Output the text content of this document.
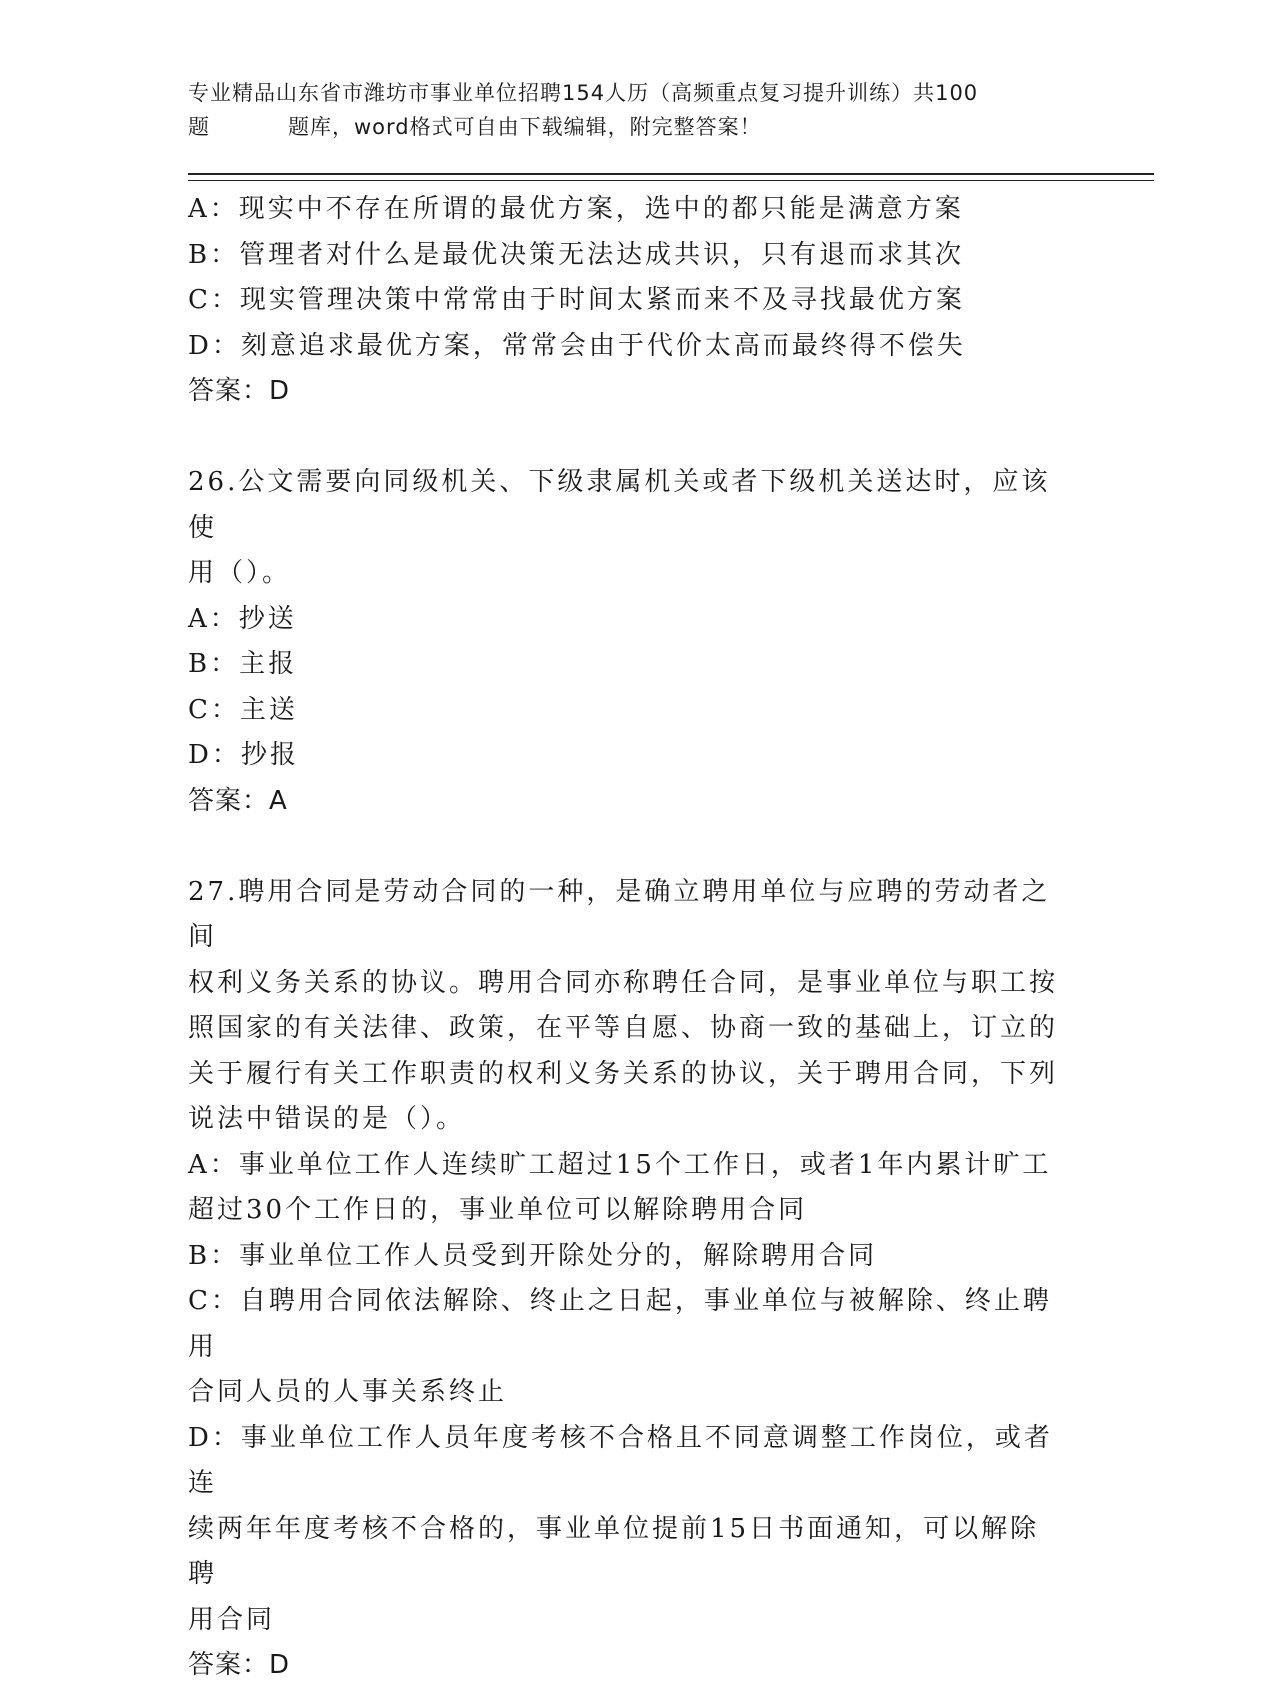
专业精品山东省市潍坊市事业单位招聘154人历（高频重点复习提升训练）共100
题	题库，word格式可自由下载编辑，附完整答案！

A：现实中不存在所谓的最优方案，选中的都只能是满意方案

B：管理者对什么是最优决策无法达成共识，只有退而求其次

C：现实管理决策中常常由于时间太紧而来不及寻找最优方案

D：刻意追求最优方案，常常会由于代价太高而最终得不偿失

答案：D

26.公文需要向同级机关、下级隶属机关或者下级机关送达时，应该使

用（）。

A：抄送

B：主报

C：主送

D：抄报

答案：A

27.聘用合同是劳动合同的一种，是确立聘用单位与应聘的劳动者之间

权利义务关系的协议。聘用合同亦称聘任合同，是事业单位与职工按

照国家的有关法律、政策，在平等自愿、协商一致的基础上，订立的

关于履行有关工作职责的权利义务关系的协议，关于聘用合同，下列

说法中错误的是（）。

A：事业单位工作人连续旷工超过15个工作日，或者1年内累计旷工

超过30个工作日的，事业单位可以解除聘用合同

B：事业单位工作人员受到开除处分的，解除聘用合同

C：自聘用合同依法解除、终止之日起，事业单位与被解除、终止聘用

合同人员的人事关系终止

D：事业单位工作人员年度考核不合格且不同意调整工作岗位，或者连

续两年年度考核不合格的，事业单位提前15日书面通知，可以解除聘

用合同

答案：D
